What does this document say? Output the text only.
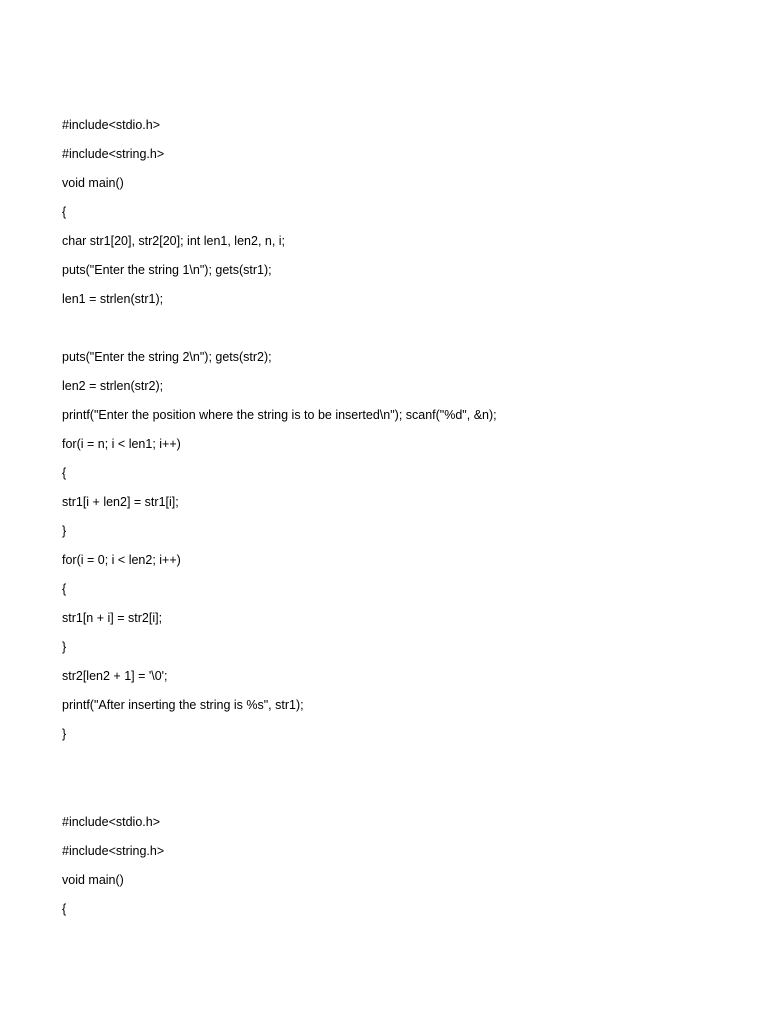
#include<stdio.h>
#include<string.h>
void main()
{
char str1[20], str2[20]; int len1, len2, n, i;
puts("Enter the string 1\n"); gets(str1);
len1 = strlen(str1);
puts("Enter the string 2\n"); gets(str2);
len2 = strlen(str2);
printf("Enter the position where the string is to be inserted\n"); scanf("%d", &n);
for(i = n; i < len1; i++)
{
str1[i + len2] = str1[i];
}
for(i = 0; i < len2; i++)
{
str1[n + i] = str2[i];
}
str2[len2 + 1] = '\0';
printf("After inserting the string is %s", str1);
}
#include<stdio.h>
#include<string.h>
void main()
{
